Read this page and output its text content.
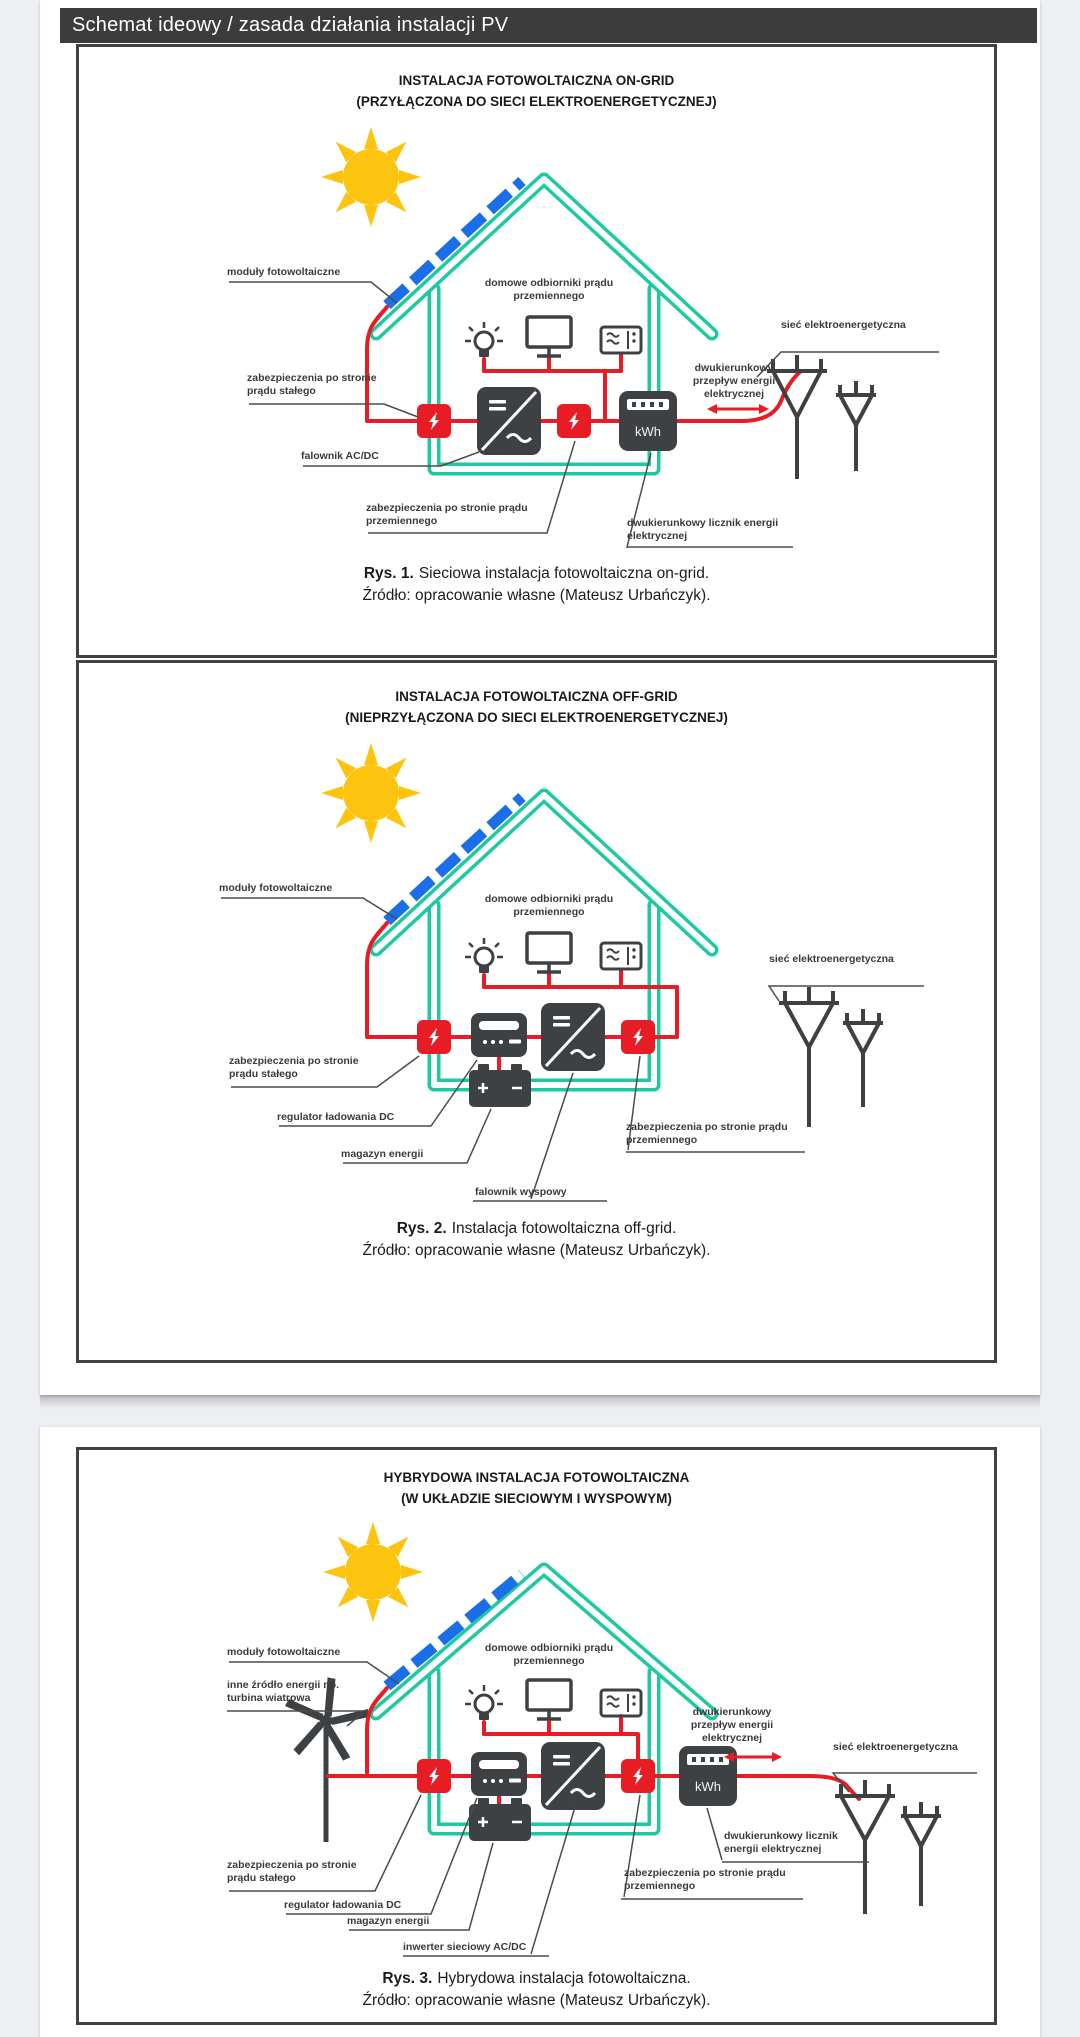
Schemat ideowy / zasada działania instalacji PV
INSTALACJA FOTOWOLTAICZNA ON-GRID
(PRZYŁĄCZONA DO SIECI ELEKTROENERGETYCZNEJ)
kWh
moduły fotowoltaiczne
domowe odbiorniki prądu przemiennego
zabezpieczenia po stronie prądu stałego
falownik AC/DC
zabezpieczenia po stronie prądu przemiennego
dwukierunkowy przepływ energii elektrycznej
dwukierunkowy licznik energii elektrycznej
sieć elektroenergetyczna
Rys. 1. Sieciowa instalacja fotowoltaiczna on-grid.
Źródło: opracowanie własne (Mateusz Urbańczyk).
INSTALACJA FOTOWOLTAICZNA OFF-GRID
(NIEPRZYŁĄCZONA DO SIECI ELEKTROENERGETYCZNEJ)
moduły fotowoltaiczne
domowe odbiorniki prądu przemiennego
zabezpieczenia po stronie prądu stałego
regulator ładowania DC
magazyn energii
falownik wyspowy
zabezpieczenia po stronie prądu przemiennego
sieć elektroenergetyczna
Rys. 2. Instalacja fotowoltaiczna off-grid.
Źródło: opracowanie własne (Mateusz Urbańczyk).
HYBRYDOWA INSTALACJA FOTOWOLTAICZNA
(W UKŁADZIE SIECIOWYM I WYSPOWYM)
kWh
moduły fotowoltaiczne
inne źródło energii np. turbina wiatrowa
domowe odbiorniki prądu przemiennego
dwukierunkowy przepływ energii elektrycznej
sieć elektroenergetyczna
dwukierunkowy licznik energii elektrycznej
zabezpieczenia po stronie prądu stałego	zabezpieczenia po stronie prądu przemiennego
regulator ładowania DC
magazyn energii
inwerter sieciowy AC/DC
Rys. 3. Hybrydowa instalacja fotowoltaiczna.
Źródło: opracowanie własne (Mateusz Urbańczyk).
